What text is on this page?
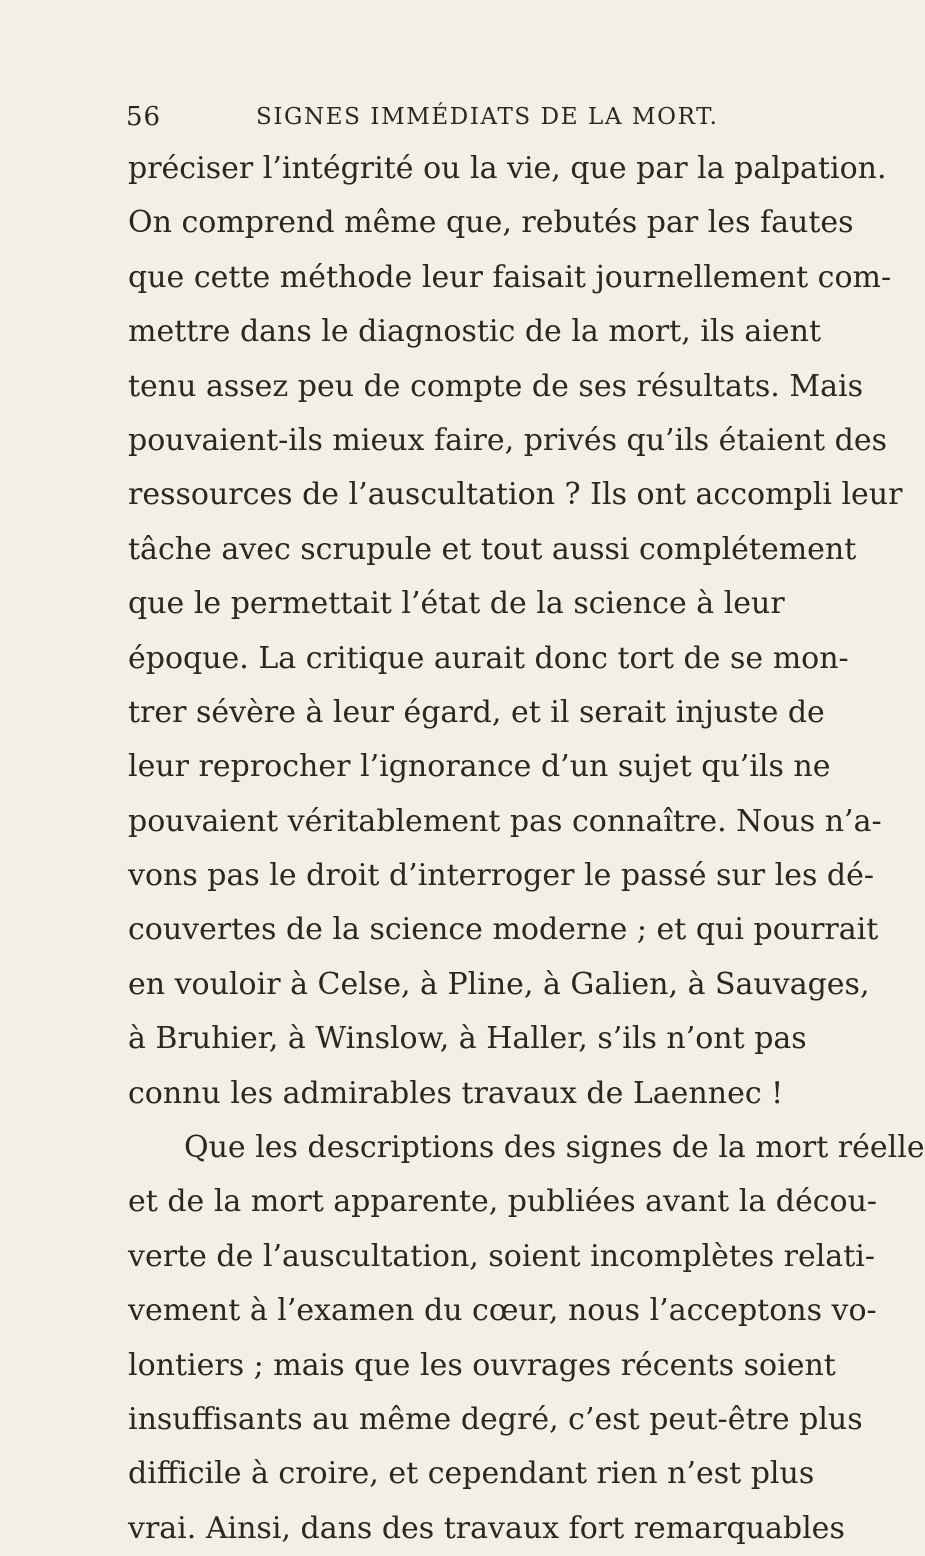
56	SIGNES IMMÉDIATS DE LA MORT.
préciser l’intégrité ou la vie, que par la palpation.
On comprend même que, rebutés par les fautes
que cette méthode leur faisait journellement com-
mettre dans le diagnostic de la mort, ils aient
tenu assez peu de compte de ses résultats. Mais
pouvaient-ils mieux faire, privés qu’ils étaient des
ressources de l’auscultation ? Ils ont accompli leur
tâche avec scrupule et tout aussi complétement
que le permettait l’état de la science à leur
époque. La critique aurait donc tort de se mon-
trer sévère à leur égard, et il serait injuste de
leur reprocher l’ignorance d’un sujet qu’ils ne
pouvaient véritablement pas connaître. Nous n’a-
vons pas le droit d’interroger le passé sur les dé-
couvertes de la science moderne ; et qui pourrait
en vouloir à Celse, à Pline, à Galien, à Sauvages,
à Bruhier, à Winslow, à Haller, s’ils n’ont pas
connu les admirables travaux de Laennec !
Que les descriptions des signes de la mort réelle
et de la mort apparente, publiées avant la décou-
verte de l’auscultation, soient incomplètes relati-
vement à l’examen du cœur, nous l’acceptons vo-
lontiers ; mais que les ouvrages récents soient
insuffisants au même degré, c’est peut-être plus
difficile à croire, et cependant rien n’est plus
vrai. Ainsi, dans des travaux fort remarquables
